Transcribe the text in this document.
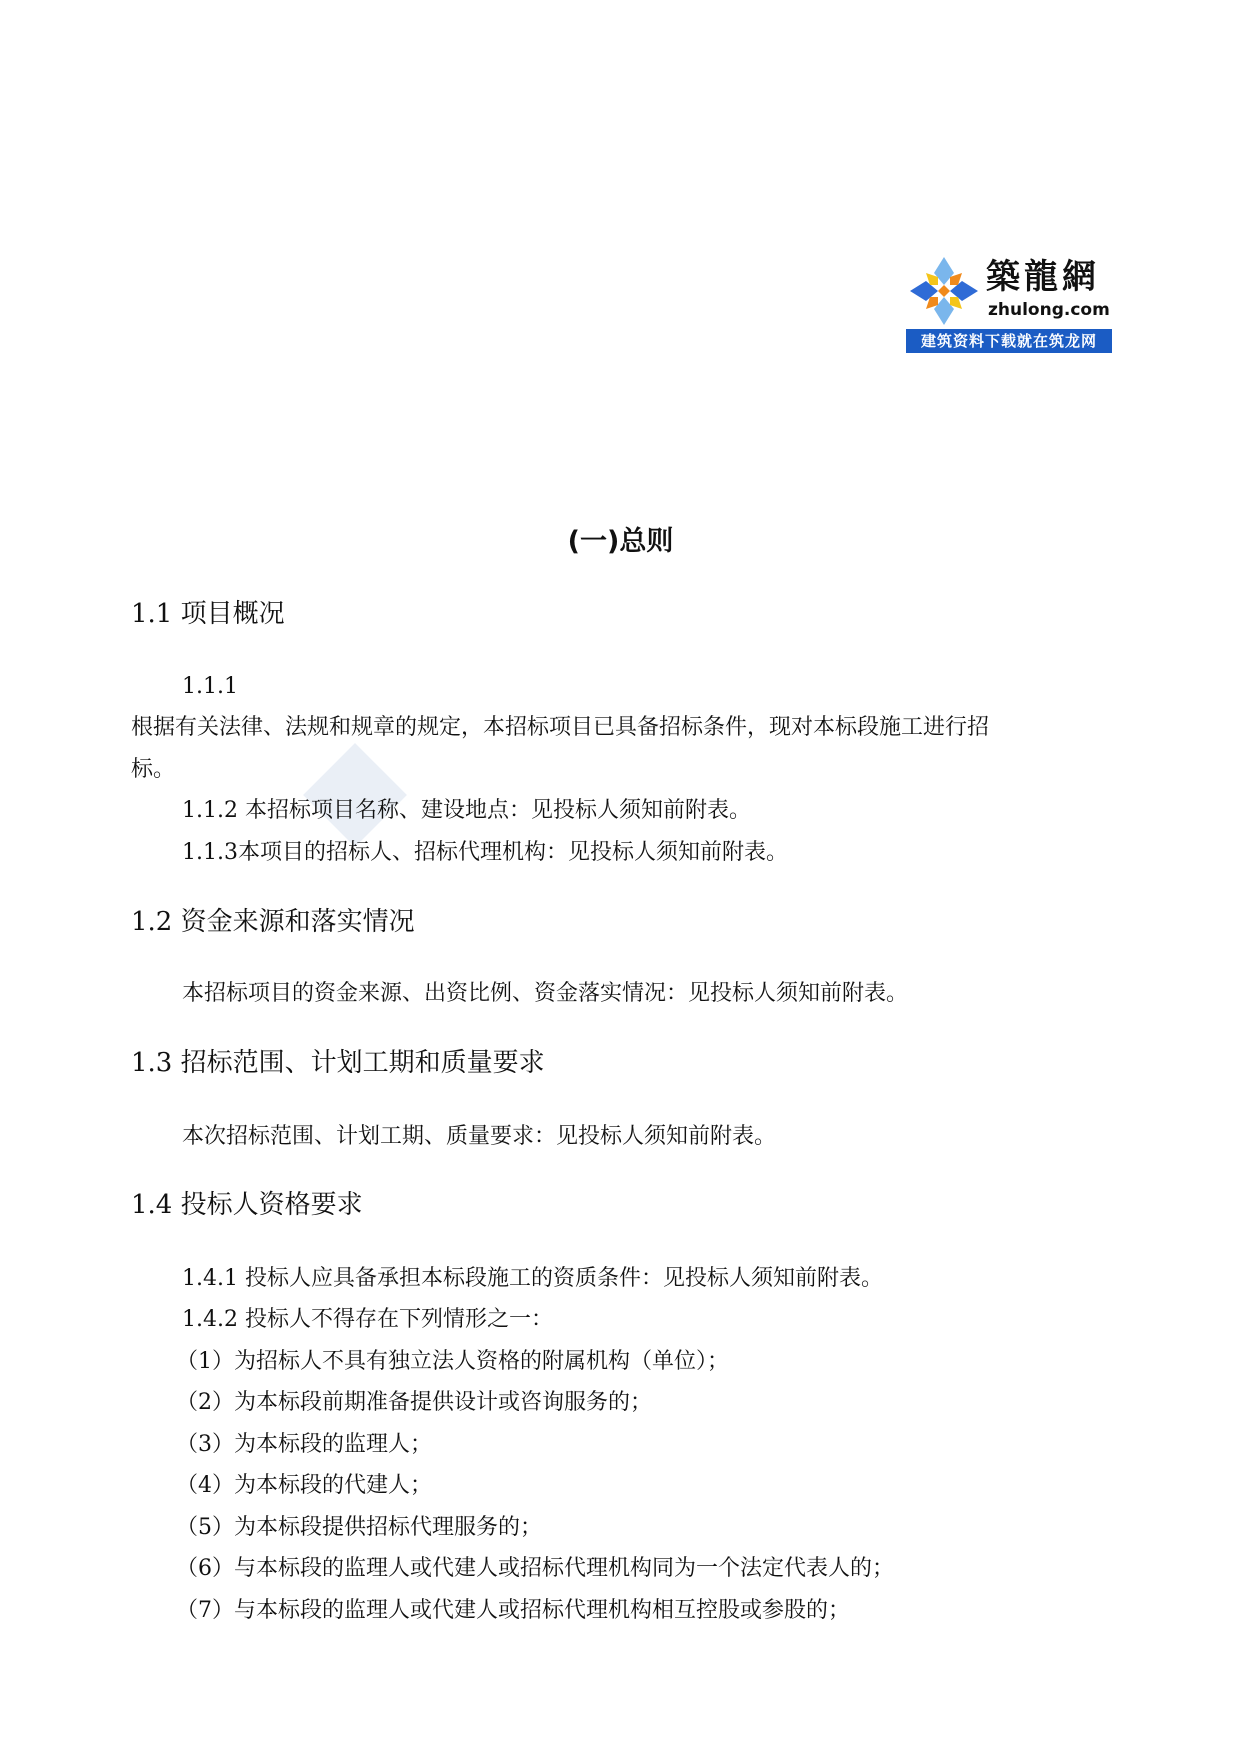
築龍網
zhulong.com
建筑资料下载就在筑龙网
(一)总则
1.1 项目概况
1.1.1
根据有关法律、法规和规章的规定，本招标项目已具备招标条件，现对本标段施工进行招
标。
1.1.2 本招标项目名称、建设地点：见投标人须知前附表。
1.1.3本项目的招标人、招标代理机构：见投标人须知前附表。
1.2 资金来源和落实情况
本招标项目的资金来源、出资比例、资金落实情况：见投标人须知前附表。
1.3 招标范围、计划工期和质量要求
本次招标范围、计划工期、质量要求：见投标人须知前附表。
1.4 投标人资格要求
1.4.1 投标人应具备承担本标段施工的资质条件：见投标人须知前附表。
1.4.2 投标人不得存在下列情形之一：
（1）为招标人不具有独立法人资格的附属机构（单位）；
（2）为本标段前期准备提供设计或咨询服务的；
（3）为本标段的监理人；
（4）为本标段的代建人；
（5）为本标段提供招标代理服务的；
（6）与本标段的监理人或代建人或招标代理机构同为一个法定代表人的；
（7）与本标段的监理人或代建人或招标代理机构相互控股或参股的；
